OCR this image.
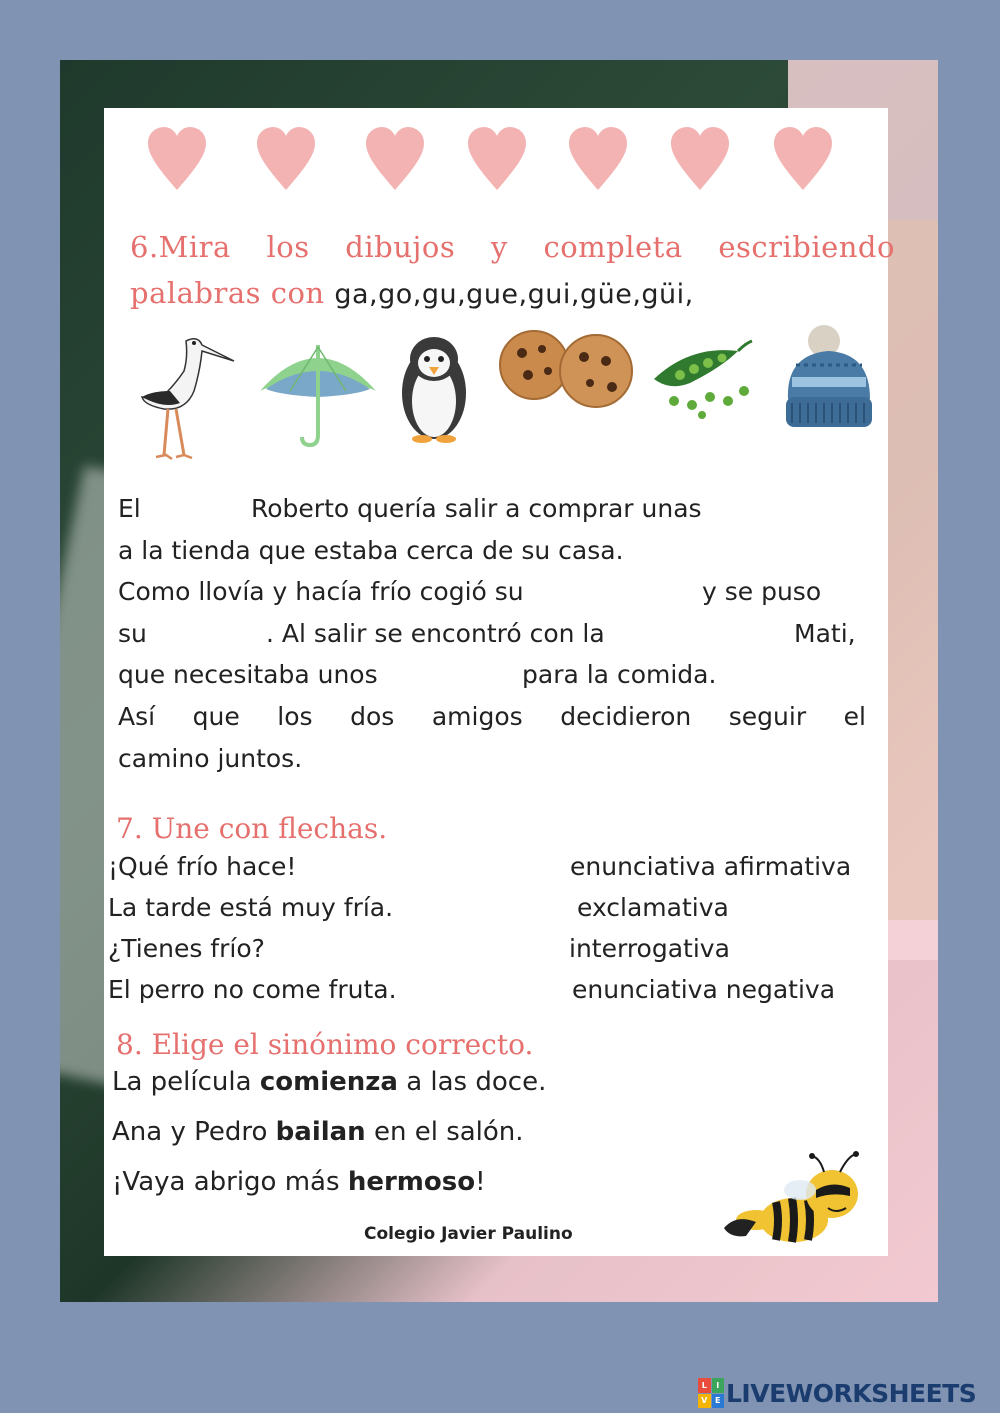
6.Mira los dibujos y completa escribiendo
palabras con ga,go,gu,gue,gui,güe,güi,
El	Roberto quería salir a comprar unas
a la tienda que estaba cerca de su casa.
Como llovía y hacía frío cogió su	y se puso
su	. Al salir se encontró con la	Mati,
que necesitaba unos	para la comida.
Así que los dos amigos decidieron seguir el
camino juntos.
7. Une con flechas.
¡Qué frío hace!	enunciativa afirmativa
La tarde está muy fría.	exclamativa
¿Tienes frío?	interrogativa
El perro no come fruta.	enunciativa negativa
8. Elige el sinónimo correcto.
La película comienza a las doce.
Ana y Pedro bailan en el salón.
¡Vaya abrigo más hermoso!
Colegio Javier Paulino
L	I
V E LIVEWORKSHEETS
